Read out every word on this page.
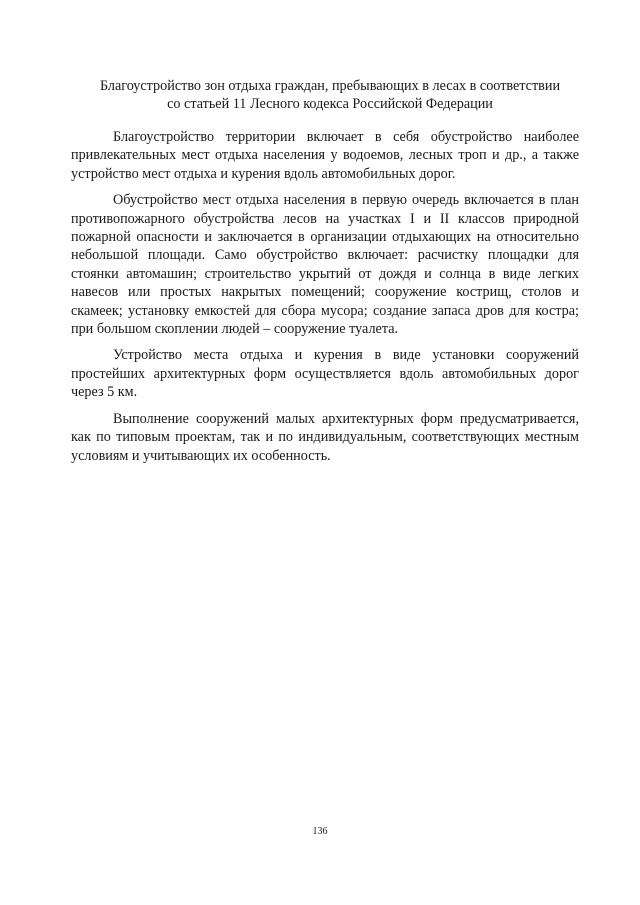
Благоустройство зон отдыха граждан, пребывающих в лесах в соответствии
со статьей 11 Лесного кодекса Российской Федерации

Благоустройство территории включает в себя обустройство наиболее привлекательных мест отдыха населения у водоемов, лесных троп и др., а также устройство мест отдыха и курения вдоль автомобильных дорог.

Обустройство мест отдыха населения в первую очередь включается в план противопожарного обустройства лесов на участках I и II классов природной пожарной опасности и заключается в организации отдыхающих на относительно небольшой площади. Само обустройство включает: расчистку площадки для стоянки автомашин; строительство укрытий от дождя и солнца в виде легких навесов или простых накрытых помещений; сооружение кострищ, столов и скамеек; установку емкостей для сбора мусора; создание запаса дров для костра; при большом скоплении людей – сооружение туалета.

Устройство места отдыха и курения в виде установки сооружений простейших архитектурных форм осуществляется вдоль автомобильных дорог через 5 км.

Выполнение сооружений малых архитектурных форм предусматривается, как по типовым проектам, так и по индивидуальным, соответствующих местным условиям и учитывающих их особенность.

136
